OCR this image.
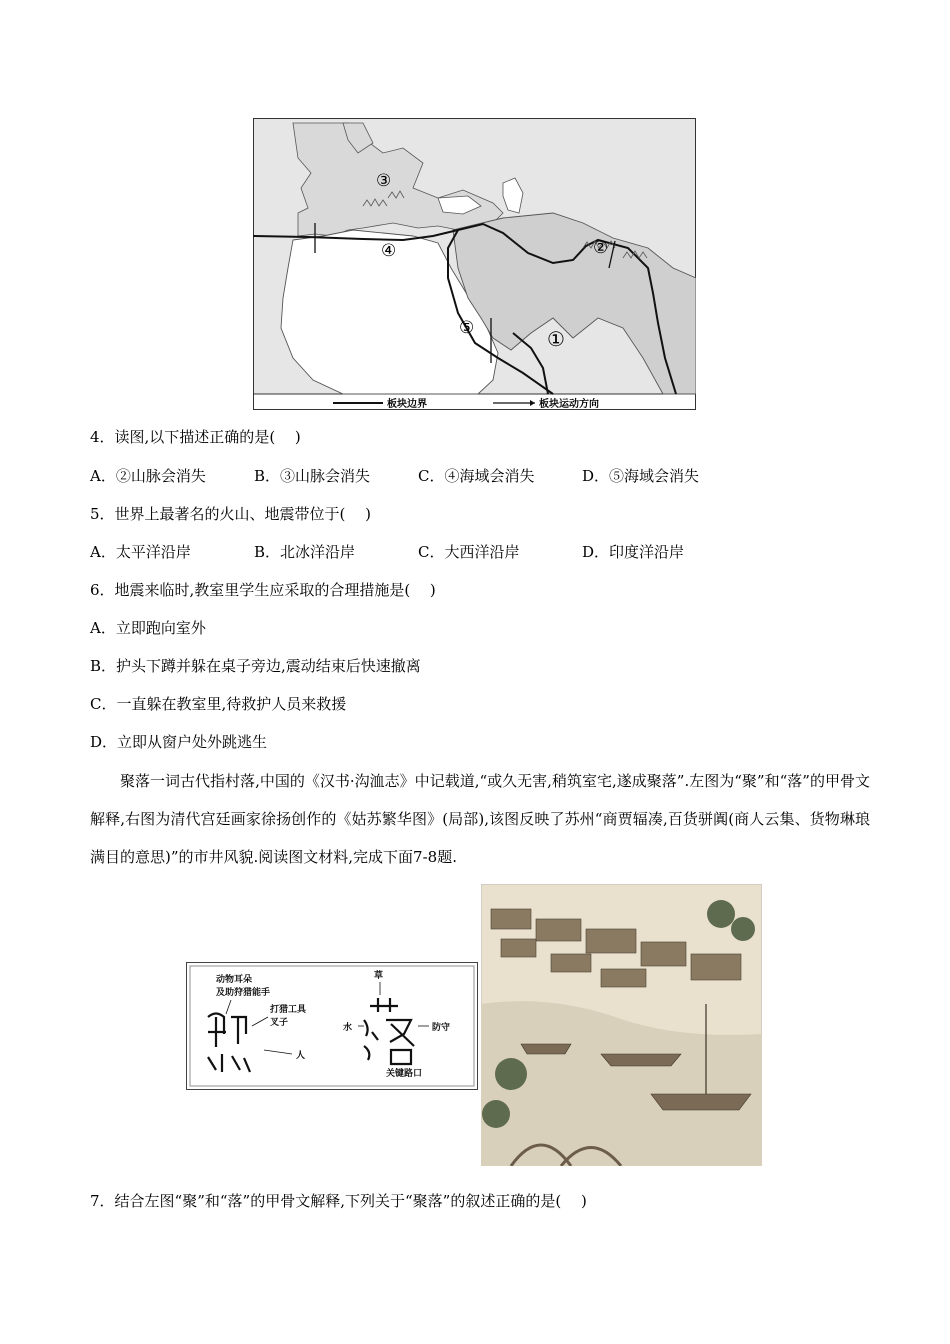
③
④
⑤	①
②
板块边界	板块运动方向
4．读图,以下描述正确的是(　 )
A．②山脉会消失	B．③山脉会消失	C．④海域会消失	D．⑤海域会消失
5．世界上最著名的火山、地震带位于(　 )
A．太平洋沿岸	B．北冰洋沿岸	C．大西洋沿岸	D．印度洋沿岸
6．地震来临时,教室里学生应采取的合理措施是(　 )
A．立即跑向室外
B．护头下蹲并躲在桌子旁边,震动结束后快速撤离
C．一直躲在教室里,待救护人员来救援
D．立即从窗户处外跳逃生
聚落一词古代指村落,中国的《汉书·沟洫志》中记载道,“或久无害,稍筑室宅,遂成聚落”.左图为“聚”和“落”的甲骨文解释,右图为清代宫廷画家徐扬创作的《姑苏繁华图》(局部),该图反映了苏州“商贾辐凑,百货骈阗(商人云集、货物琳琅满目的意思)”的市井风貌.阅读图文材料,完成下面7-8题.
动物耳朵
及助狩猎能手
打猎工具
叉子
人
草
水	防守
关键路口
7．结合左图“聚”和“落”的甲骨文解释,下列关于“聚落”的叙述正确的是(　 )
